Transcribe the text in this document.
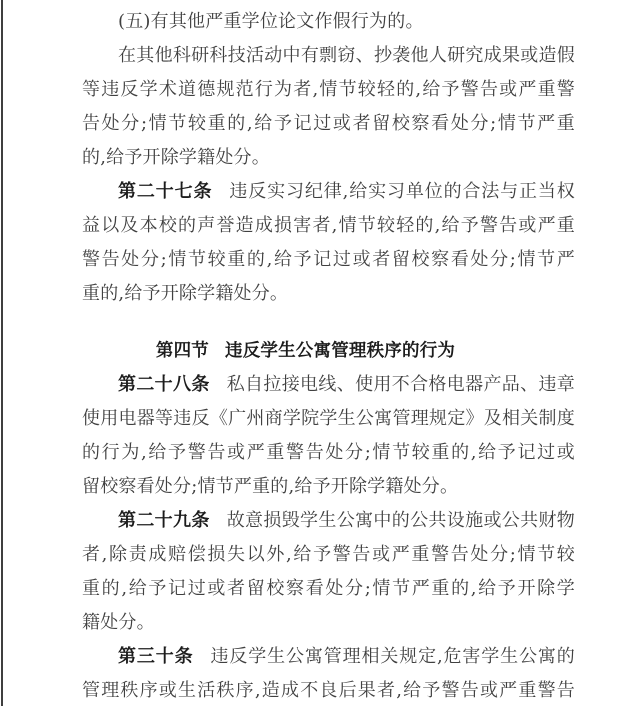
(五)有其他严重学位论文作假行为的。
在其他科研科技活动中有剽窃、抄袭他人研究成果或造假
等违反学术道德规范行为者,情节较轻的,给予警告或严重警
告处分;情节较重的,给予记过或者留校察看处分;情节严重
的,给予开除学籍处分。
第二十七条 违反实习纪律,给实习单位的合法与正当权
益以及本校的声誉造成损害者,情节较轻的,给予警告或严重
警告处分;情节较重的,给予记过或者留校察看处分;情节严
重的,给予开除学籍处分。
第四节 违反学生公寓管理秩序的行为
第二十八条 私自拉接电线、使用不合格电器产品、违章
使用电器等违反《广州商学院学生公寓管理规定》及相关制度
的行为,给予警告或严重警告处分;情节较重的,给予记过或
留校察看处分;情节严重的,给予开除学籍处分。
第二十九条 故意损毁学生公寓中的公共设施或公共财物
者,除责成赔偿损失以外,给予警告或严重警告处分;情节较
重的,给予记过或者留校察看处分;情节严重的,给予开除学
籍处分。
第三十条 违反学生公寓管理相关规定,危害学生公寓的
管理秩序或生活秩序,造成不良后果者,给予警告或严重警告
